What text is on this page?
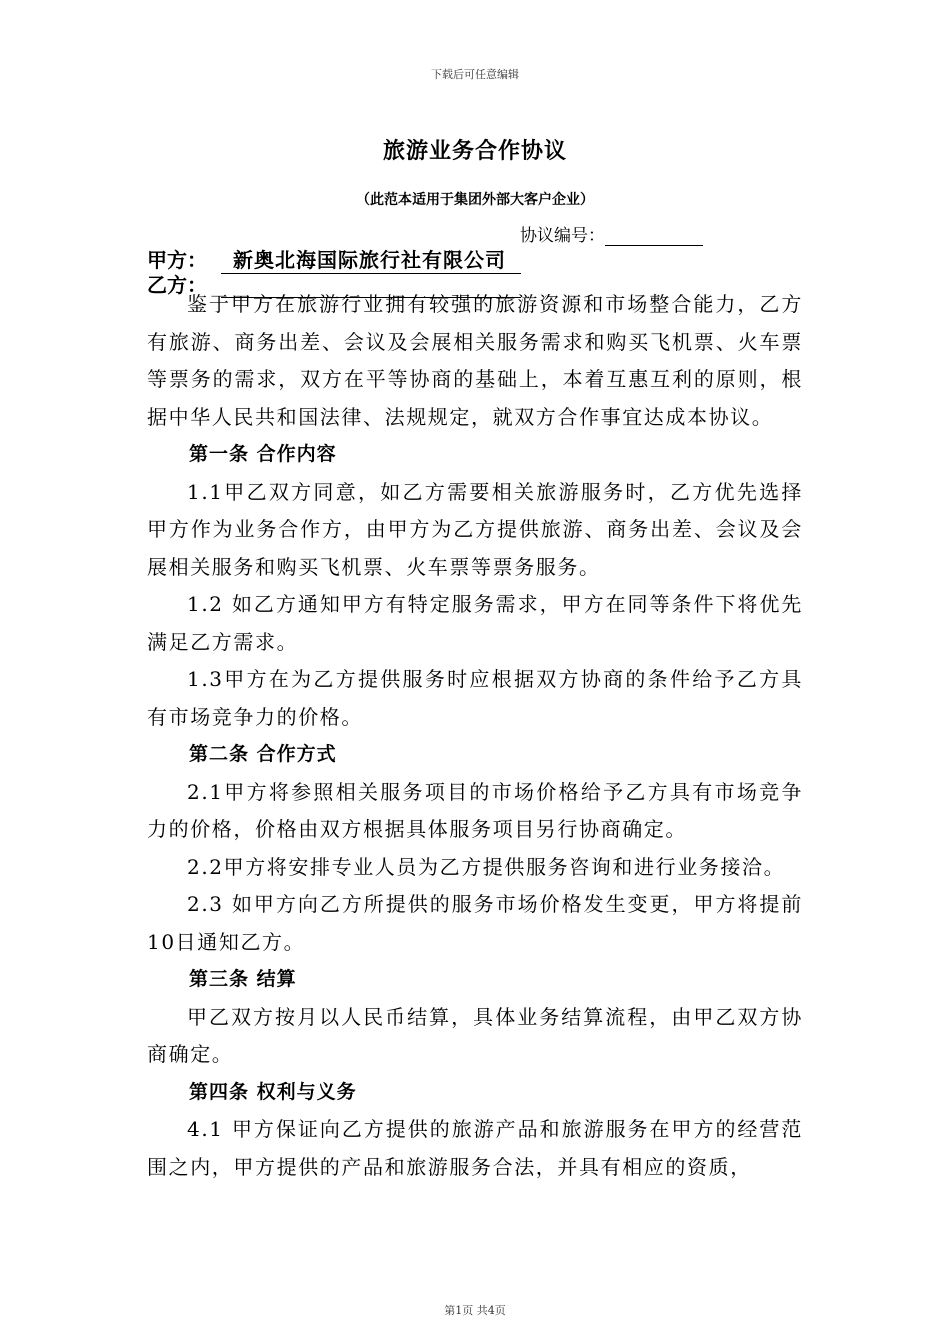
下载后可任意编辑
旅游业务合作协议
（此范本适用于集团外部大客户企业）
协议编号：
甲方： 新奥北海国际旅行社有限公司
乙方：

鉴于甲方在旅游行业拥有较强的旅游资源和市场整合能力，乙方有旅游、商务出差、会议及会展相关服务需求和购买飞机票、火车票等票务的需求，双方在平等协商的基础上，本着互惠互利的原则，根据中华人民共和国法律、法规规定，就双方合作事宜达成本协议。

第一条 合作内容

1.1甲乙双方同意，如乙方需要相关旅游服务时，乙方优先选择甲方作为业务合作方，由甲方为乙方提供旅游、商务出差、会议及会展相关服务和购买飞机票、火车票等票务服务。

1.2 如乙方通知甲方有特定服务需求，甲方在同等条件下将优先满足乙方需求。

1.3甲方在为乙方提供服务时应根据双方协商的条件给予乙方具有市场竞争力的价格。

第二条 合作方式

2.1甲方将参照相关服务项目的市场价格给予乙方具有市场竞争力的价格，价格由双方根据具体服务项目另行协商确定。

2.2甲方将安排专业人员为乙方提供服务咨询和进行业务接洽。

2.3 如甲方向乙方所提供的服务市场价格发生变更，甲方将提前10日通知乙方。

第三条 结算

甲乙双方按月以人民币结算，具体业务结算流程，由甲乙双方协商确定。

第四条 权利与义务

4.1 甲方保证向乙方提供的旅游产品和旅游服务在甲方的经营范围之内，甲方提供的产品和旅游服务合法，并具有相应的资质，

第1页 共4页
